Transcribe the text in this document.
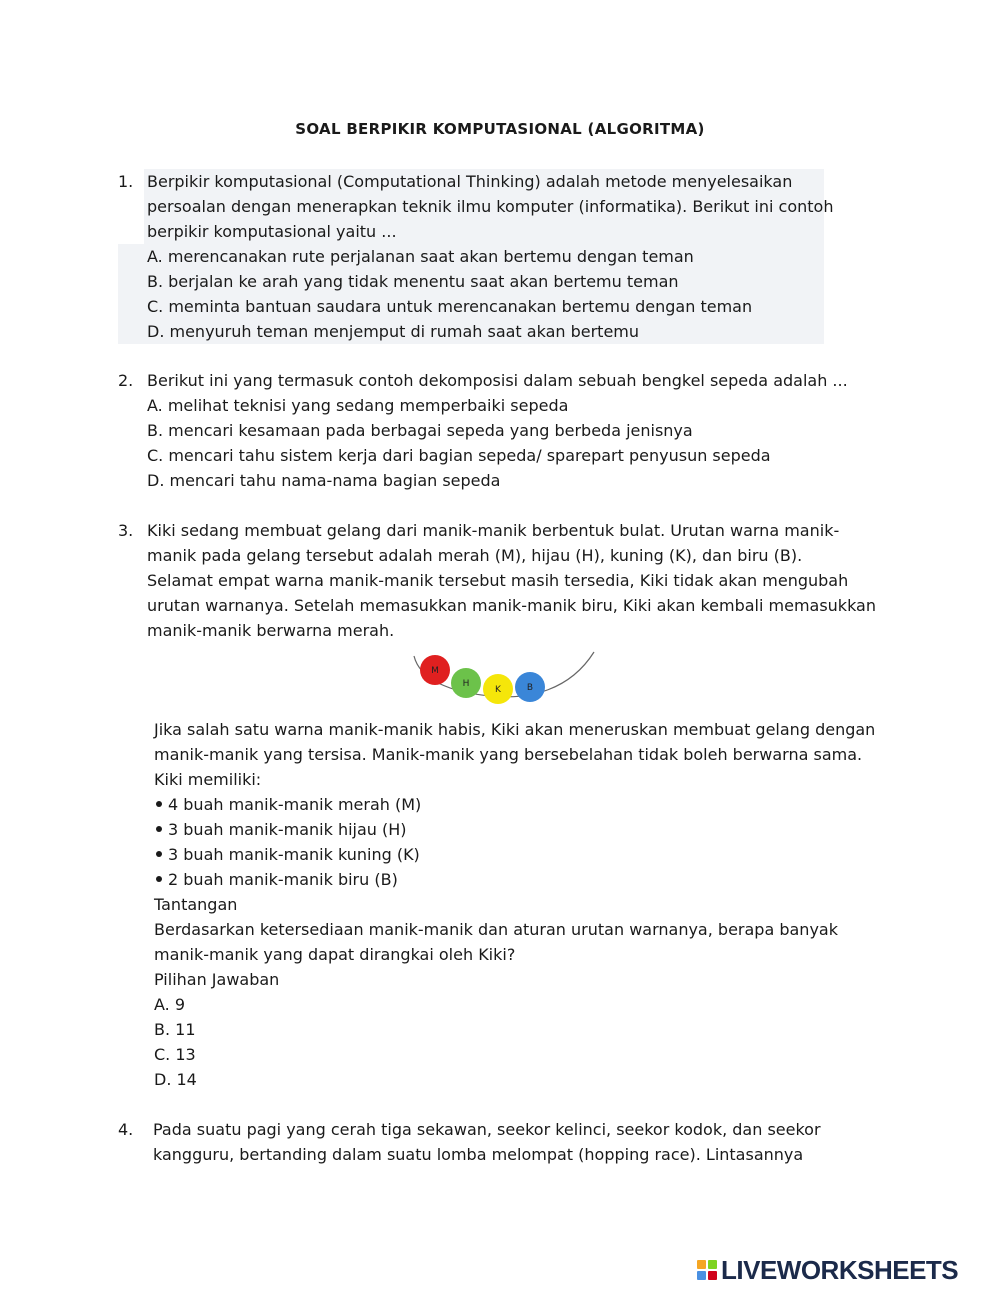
SOAL BERPIKIR KOMPUTASIONAL (ALGORITMA)
1. Berpikir komputasional (Computational Thinking) adalah metode menyelesaikan
persoalan dengan menerapkan teknik ilmu komputer (informatika). Berikut ini contoh
berpikir komputasional yaitu ...
A. merencanakan rute perjalanan saat akan bertemu dengan teman
B. berjalan ke arah yang tidak menentu saat akan bertemu teman
C. meminta bantuan saudara untuk merencanakan bertemu dengan teman
D. menyuruh teman menjemput di rumah saat akan bertemu
2. Berikut ini yang termasuk contoh dekomposisi dalam sebuah bengkel sepeda adalah ...
A. melihat teknisi yang sedang memperbaiki sepeda
B. mencari kesamaan pada berbagai sepeda yang berbeda jenisnya
C. mencari tahu sistem kerja dari bagian sepeda/ sparepart penyusun sepeda
D. mencari tahu nama-nama bagian sepeda
3. Kiki sedang membuat gelang dari manik-manik berbentuk bulat. Urutan warna manik-
manik pada gelang tersebut adalah merah (M), hijau (H), kuning (K), dan biru (B).
Selamat empat warna manik-manik tersebut masih tersedia, Kiki tidak akan mengubah
urutan warnanya. Setelah memasukkan manik-manik biru, Kiki akan kembali memasukkan
manik-manik berwarna merah.
M
H
K	B
Jika salah satu warna manik-manik habis, Kiki akan meneruskan membuat gelang dengan
manik-manik yang tersisa. Manik-manik yang bersebelahan tidak boleh berwarna sama.
Kiki memiliki:
4 buah manik-manik merah (M)
3 buah manik-manik hijau (H)
3 buah manik-manik kuning (K)
2 buah manik-manik biru (B)
Tantangan
Berdasarkan ketersediaan manik-manik dan aturan urutan warnanya, berapa banyak
manik-manik yang dapat dirangkai oleh Kiki?
Pilihan Jawaban
A. 9
B. 11
C. 13
D. 14
4. Pada suatu pagi yang cerah tiga sekawan, seekor kelinci, seekor kodok, dan seekor
kangguru, bertanding dalam suatu lomba melompat (hopping race). Lintasannya
LIVEWORKSHEETS
